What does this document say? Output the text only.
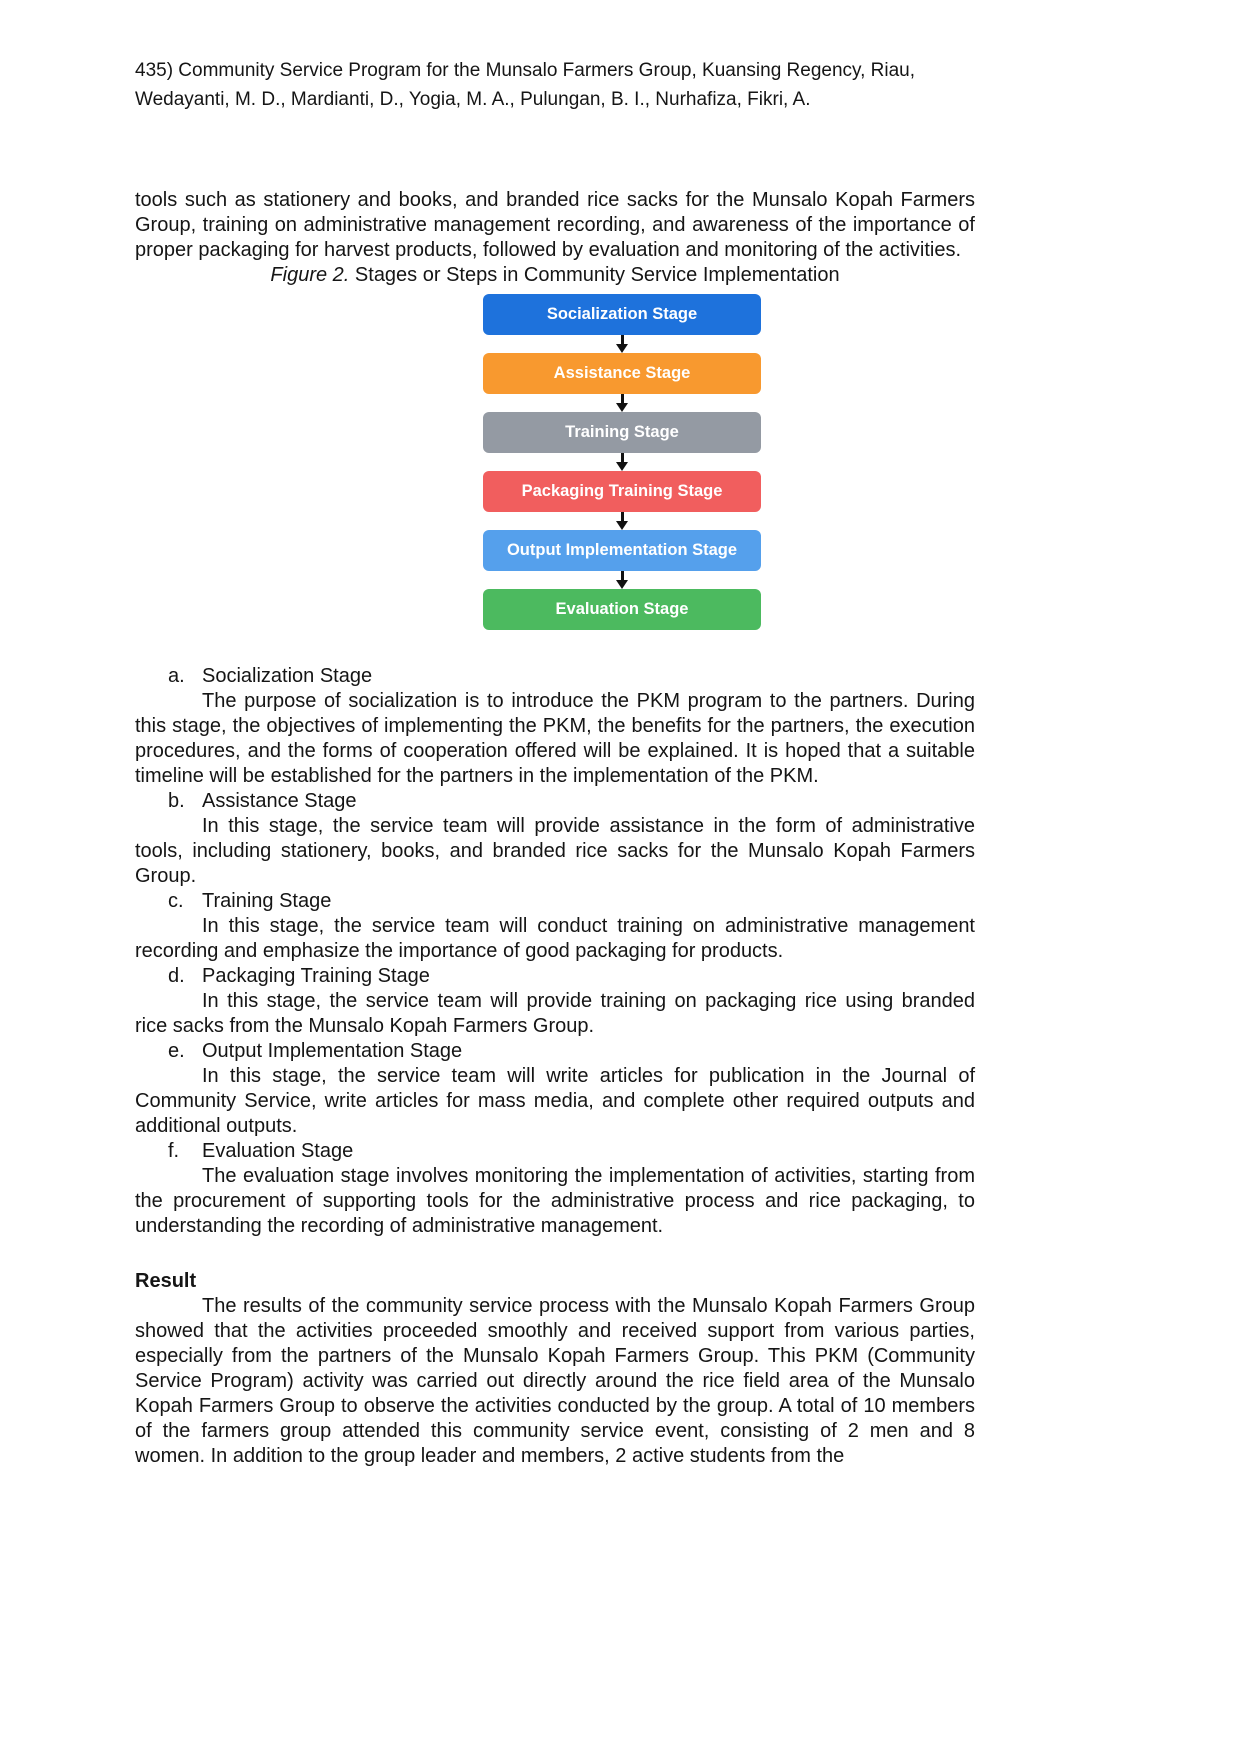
435) Community Service Program for the Munsalo Farmers Group, Kuansing Regency, Riau, Wedayanti, M. D., Mardianti, D., Yogia, M. A., Pulungan, B. I., Nurhafiza, Fikri, A.

tools such as stationery and books, and branded rice sacks for the Munsalo Kopah Farmers Group, training on administrative management recording, and awareness of the importance of proper packaging for harvest products, followed by evaluation and monitoring of the activities.

Figure 2. Stages or Steps in Community Service Implementation

Socialization Stage
Assistance Stage
Training Stage
Packaging Training Stage
Output Implementation Stage
Evaluation Stage

a. Socialization Stage

The purpose of socialization is to introduce the PKM program to the partners. During this stage, the objectives of implementing the PKM, the benefits for the partners, the execution procedures, and the forms of cooperation offered will be explained. It is hoped that a suitable timeline will be established for the partners in the implementation of the PKM.

b. Assistance Stage

In this stage, the service team will provide assistance in the form of administrative tools, including stationery, books, and branded rice sacks for the Munsalo Kopah Farmers Group.

c. Training Stage

In this stage, the service team will conduct training on administrative management recording and emphasize the importance of good packaging for products.

d. Packaging Training Stage

In this stage, the service team will provide training on packaging rice using branded rice sacks from the Munsalo Kopah Farmers Group.

e. Output Implementation Stage

In this stage, the service team will write articles for publication in the Journal of Community Service, write articles for mass media, and complete other required outputs and additional outputs.

f. Evaluation Stage

The evaluation stage involves monitoring the implementation of activities, starting from the procurement of supporting tools for the administrative process and rice packaging, to understanding the recording of administrative management.

Result

The results of the community service process with the Munsalo Kopah Farmers Group showed that the activities proceeded smoothly and received support from various parties, especially from the partners of the Munsalo Kopah Farmers Group. This PKM (Community Service Program) activity was carried out directly around the rice field area of the Munsalo Kopah Farmers Group to observe the activities conducted by the group. A total of 10 members of the farmers group attended this community service event, consisting of 2 men and 8 women. In addition to the group leader and members, 2 active students from the
